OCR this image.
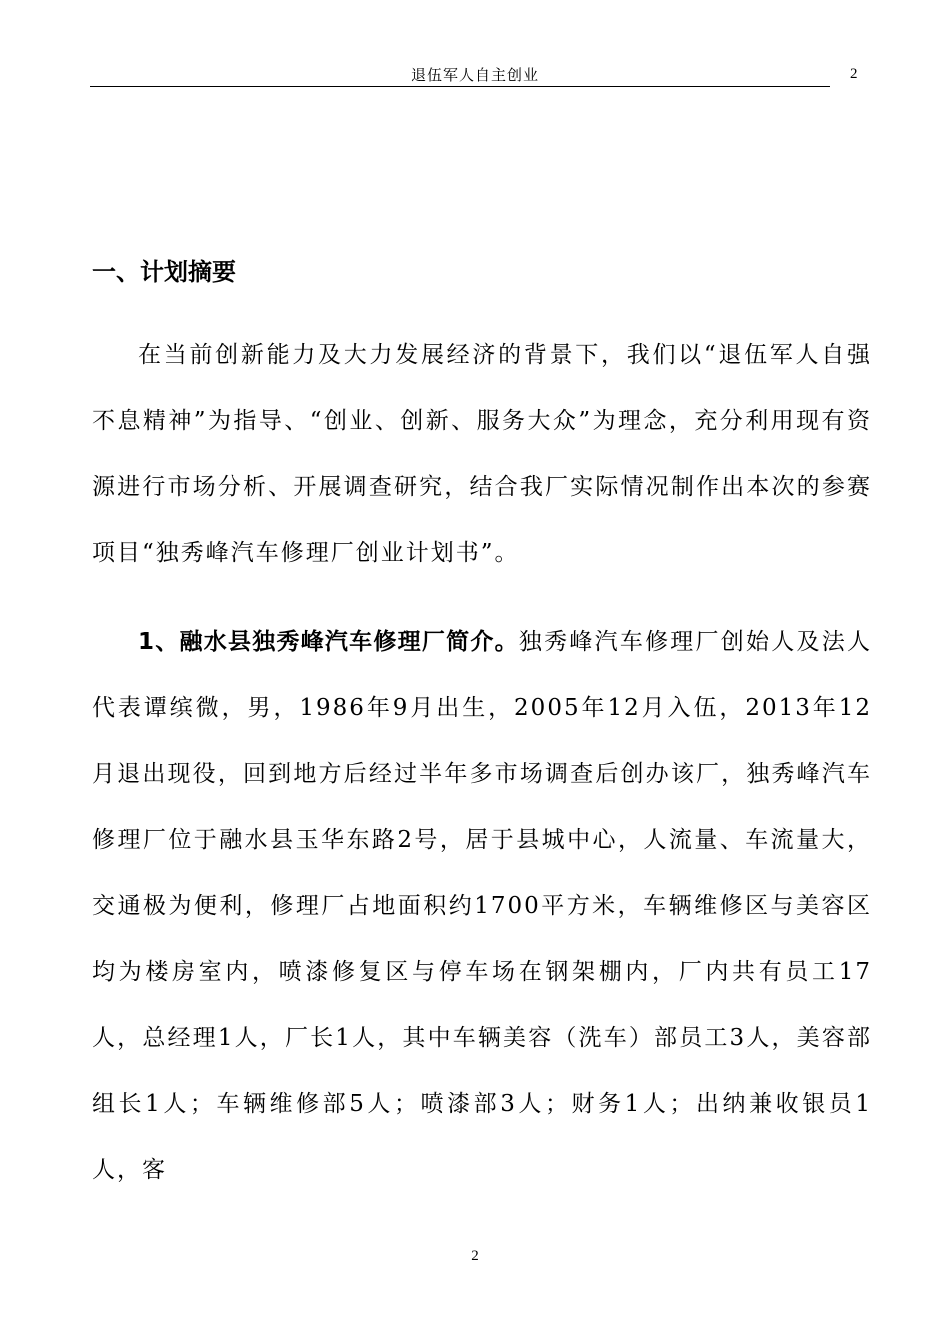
退伍军人自主创业	2
一、计划摘要

在当前创新能力及大力发展经济的背景下，我们以“退伍军人自强不息精神”为指导、“创业、创新、服务大众”为理念，充分利用现有资源进行市场分析、开展调查研究，结合我厂实际情况制作出本次的参赛项目“独秀峰汽车修理厂创业计划书”。

1、融水县独秀峰汽车修理厂简介。独秀峰汽车修理厂创始人及法人代表谭缤微，男，1986年9月出生，2005年12月入伍，2013年12月退出现役，回到地方后经过半年多市场调查后创办该厂，独秀峰汽车修理厂位于融水县玉华东路2号，居于县城中心，人流量、车流量大，交通极为便利，修理厂占地面积约1700平方米，车辆维修区与美容区均为楼房室内，喷漆修复区与停车场在钢架棚内，厂内共有员工17人，总经理1人，厂长1人，其中车辆美容（洗车）部员工3人，美容部组长1人；车辆维修部5人；喷漆部3人；财务1人；出纳兼收银员1人，客

2
